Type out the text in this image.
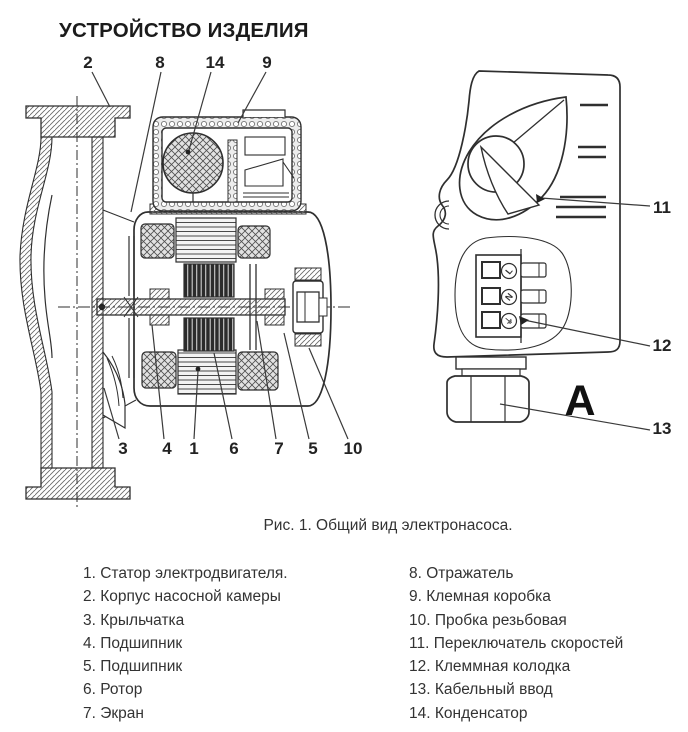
УСТРОЙСТВО ИЗДЕЛИЯ
2	8 14 9
3 4 1 6 7 5 10
L
N
⏚
11
12
13
A
Рис. 1. Общий вид электронасоса.
1. Статор электродвигателя.
2. Корпус насосной камеры
3. Крыльчатка
4. Подшипник
5. Подшипник
6. Ротор
7. Экран
8. Отражатель
9. Клемная коробка
10. Пробка резьбовая
11. Переключатель скоростей
12. Клеммная колодка
13. Кабельный ввод
14. Конденсатор
